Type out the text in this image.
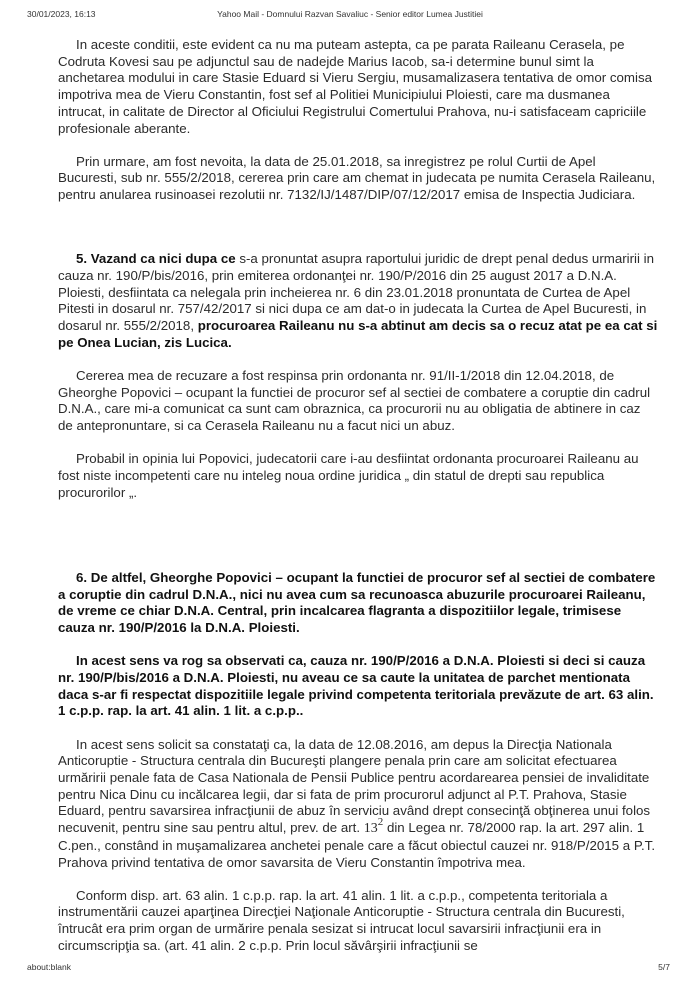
30/01/2023, 16:13	Yahoo Mail - Domnului Razvan Savaliuc - Senior editor Lumea Justitiei

In aceste conditii, este evident ca nu ma puteam astepta, ca pe parata Raileanu Cerasela, pe Codruta Kovesi sau pe adjunctul sau de nadejde Marius Iacob, sa-i determine bunul simt la anchetarea modului in care Stasie Eduard si Vieru Sergiu, musamalizasera tentativa de omor comisa impotriva mea de Vieru Constantin, fost sef al Politiei Municipiului Ploiesti, care ma dusmanea intrucat, in calitate de Director al Oficiului Registrului Comertului Prahova, nu-i satisfaceam capriciile profesionale aberante.

Prin urmare, am fost nevoita, la data de 25.01.2018, sa inregistrez pe rolul Curtii de Apel Bucuresti, sub nr. 555/2/2018, cererea prin care am chemat in judecata pe numita Cerasela Raileanu, pentru anularea rusinoasei rezolutii nr. 7132/IJ/1487/DIP/07/12/2017 emisa de Inspectia Judiciara.

5. Vazand ca nici dupa ce s-a pronuntat asupra raportului juridic de drept penal dedus urmaririi in cauza nr. 190/P/bis/2016, prin emiterea ordonanţei nr. 190/P/2016 din 25 august 2017 a D.N.A. Ploiesti, desfiintata ca nelegala prin incheierea nr. 6 din 23.01.2018 pronuntata de Curtea de Apel Pitesti in dosarul nr. 757/42/2017 si nici dupa ce am dat-o in judecata la Curtea de Apel Bucuresti, in dosarul nr. 555/2/2018, procuroarea Raileanu nu s-a abtinut am decis sa o recuz atat pe ea cat si pe Onea Lucian, zis Lucica.

Cererea mea de recuzare a fost respinsa prin ordonanta nr. 91/II-1/2018 din 12.04.2018, de Gheorghe Popovici – ocupant la functiei de procuror sef al sectiei de combatere a coruptie din cadrul D.N.A., care mi-a comunicat ca sunt cam obraznica, ca procurorii nu au obligatia de abtinere in caz de antepronuntare, si ca Cerasela Raileanu nu a facut nici un abuz.

Probabil in opinia lui Popovici, judecatorii care i-au desfiintat ordonanta procuroarei Raileanu au fost niste incompetenti care nu inteleg noua ordine juridica „ din statul de drepti sau republica procurorilor „.

6. De altfel, Gheorghe Popovici – ocupant la functiei de procuror sef al sectiei de combatere a coruptie din cadrul D.N.A., nici nu avea cum sa recunoasca abuzurile procuroarei Raileanu, de vreme ce chiar D.N.A. Central, prin incalcarea flagranta a dispozitiilor legale, trimisese cauza nr. 190/P/2016 la D.N.A. Ploiesti.

In acest sens va rog sa observati ca, cauza nr. 190/P/2016 a D.N.A. Ploiesti si deci si cauza nr. 190/P/bis/2016 a D.N.A. Ploiesti, nu aveau ce sa caute la unitatea de parchet mentionata daca s-ar fi respectat dispozitiile legale privind competenta teritoriala prevăzute de art. 63 alin. 1 c.p.p. rap. la art. 41 alin. 1 lit. a c.p.p..

In acest sens solicit sa constataţi ca, la data de 12.08.2016, am depus la Direcţia Nationala Anticoruptie - Structura centrala din Bucureşti plangere penala prin care am solicitat efectuarea urmăririi penale fata de Casa Nationala de Pensii Publice pentru acordarearea pensiei de invaliditate pentru Nica Dinu cu incălcarea legii, dar si fata de prim procurorul adjunct al P.T. Prahova, Stasie Eduard, pentru savarsirea infracţiunii de abuz în serviciu având drept consecinţă obţinerea unui folos necuvenit, pentru sine sau pentru altul, prev. de art. $13^2$ din Legea nr. 78/2000 rap. la art. 297 alin. 1 C.pen., constând in muşamalizarea anchetei penale care a făcut obiectul cauzei nr. 918/P/2015 a P.T. Prahova privind tentativa de omor savarsita de Vieru Constantin împotriva mea.

Conform disp. art. 63 alin. 1 c.p.p. rap. la art. 41 alin. 1 lit. a c.p.p., competenta teritoriala a instrumentării cauzei aparţinea Direcţiei Naţionale Anticoruptie - Structura centrala din Bucuresti, întrucât era prim organ de urmărire penala sesizat si intrucat locul savarsirii infracţiunii era in circumscripţia sa. (art. 41 alin. 2 c.p.p. Prin locul săvârşirii infracţiunii se

about:blank	5/7
